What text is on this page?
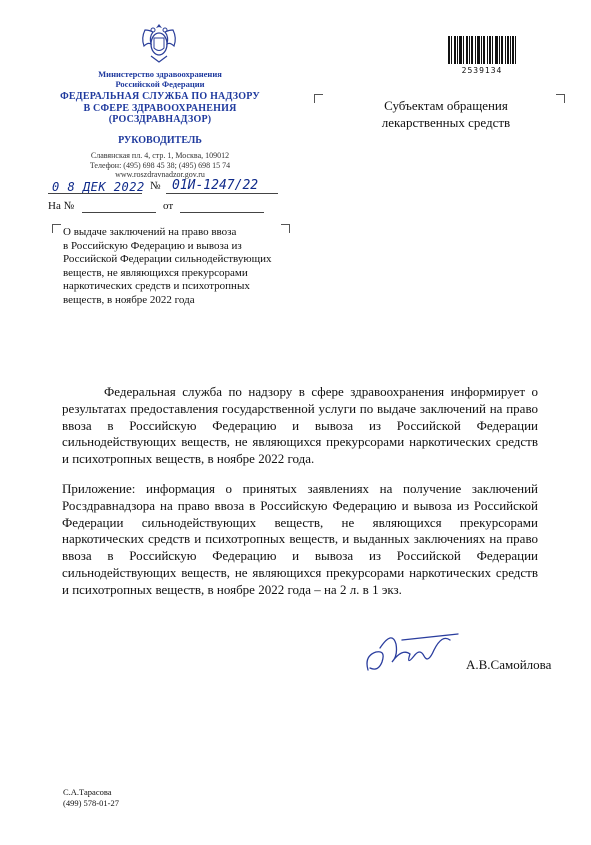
Министерство здравоохранения
Российской Федерации
ФЕДЕРАЛЬНАЯ СЛУЖБА ПО НАДЗОРУ
В СФЕРЕ ЗДРАВООХРАНЕНИЯ
(РОСЗДРАВНАДЗОР)
РУКОВОДИТЕЛЬ
Славянская пл. 4, стр. 1, Москва, 109012
Телефон: (495) 698 45 38; (495) 698 15 74
www.roszdravnadzor.gov.ru
0 8 ДЕК 2022 № 01И-1247/22
На №	от
2539134
Субъектам обращения
лекарственных средств
О выдаче заключений на право ввоза
в Российскую Федерацию и вывоза из
Российской Федерации сильнодействующих
веществ, не являющихся прекурсорами
наркотических средств и психотропных
веществ, в ноябре 2022 года
Федеральная служба по надзору в сфере здравоохранения информирует о результатах предоставления государственной услуги по выдаче заключений на право ввоза в Российскую Федерацию и вывоза из Российской Федерации сильнодействующих веществ, не являющихся прекурсорами наркотических средств и психотропных веществ, в ноябре 2022 года.
Приложение: информация о принятых заявлениях на получение заключений Росздравнадзора на право ввоза в Российскую Федерацию и вывоза из Российской Федерации сильнодействующих веществ, не являющихся прекурсорами наркотических средств и психотропных веществ, и выданных заключениях на право ввоза в Российскую Федерацию и вывоза из Российской Федерации сильнодействующих веществ, не являющихся прекурсорами наркотических средств и психотропных веществ, в ноябре 2022 года – на 2 л. в 1 экз.
А.В.Самойлова
С.А.Тарасова
(499) 578-01-27
